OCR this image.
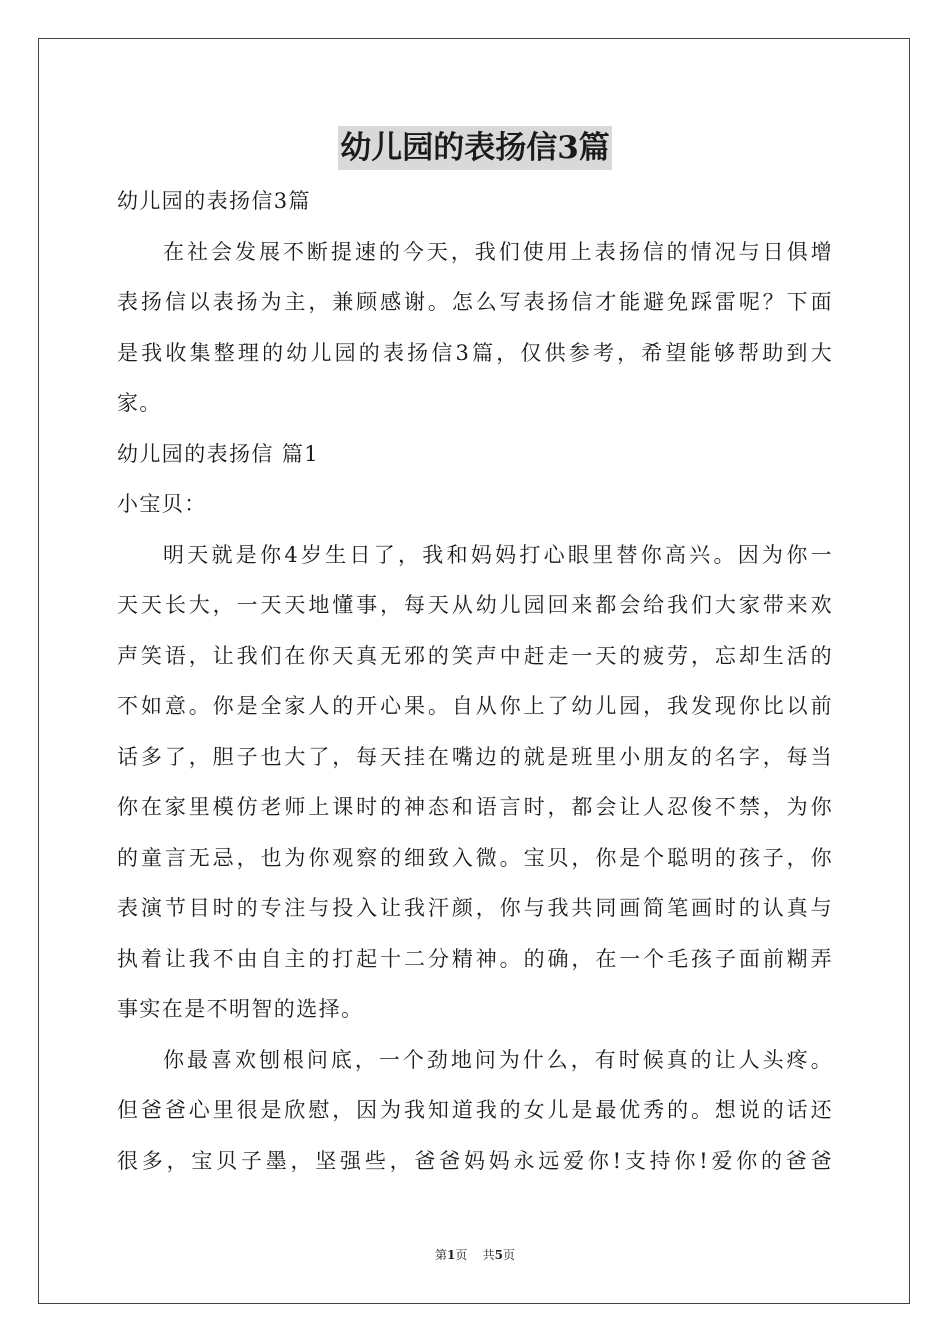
幼儿园的表扬信3篇
幼儿园的表扬信3篇
在社会发展不断提速的今天，我们使用上表扬信的情况与日俱增
表扬信以表扬为主，兼顾感谢。怎么写表扬信才能避免踩雷呢？下面
是我收集整理的幼儿园的表扬信3篇，仅供参考，希望能够帮助到大
家。
幼儿园的表扬信 篇1
小宝贝：
明天就是你4岁生日了，我和妈妈打心眼里替你高兴。因为你一
天天长大，一天天地懂事，每天从幼儿园回来都会给我们大家带来欢
声笑语，让我们在你天真无邪的笑声中赶走一天的疲劳，忘却生活的
不如意。你是全家人的开心果。自从你上了幼儿园，我发现你比以前
话多了，胆子也大了，每天挂在嘴边的就是班里小朋友的名字，每当
你在家里模仿老师上课时的神态和语言时，都会让人忍俊不禁，为你
的童言无忌，也为你观察的细致入微。宝贝，你是个聪明的孩子，你
表演节目时的专注与投入让我汗颜，你与我共同画简笔画时的认真与
执着让我不由自主的打起十二分精神。的确，在一个毛孩子面前糊弄
事实在是不明智的选择。
你最喜欢刨根问底，一个劲地问为什么，有时候真的让人头疼。
但爸爸心里很是欣慰，因为我知道我的女儿是最优秀的。想说的话还
很多，宝贝子墨，坚强些，爸爸妈妈永远爱你!支持你!爱你的爸爸
第1页 共5页
